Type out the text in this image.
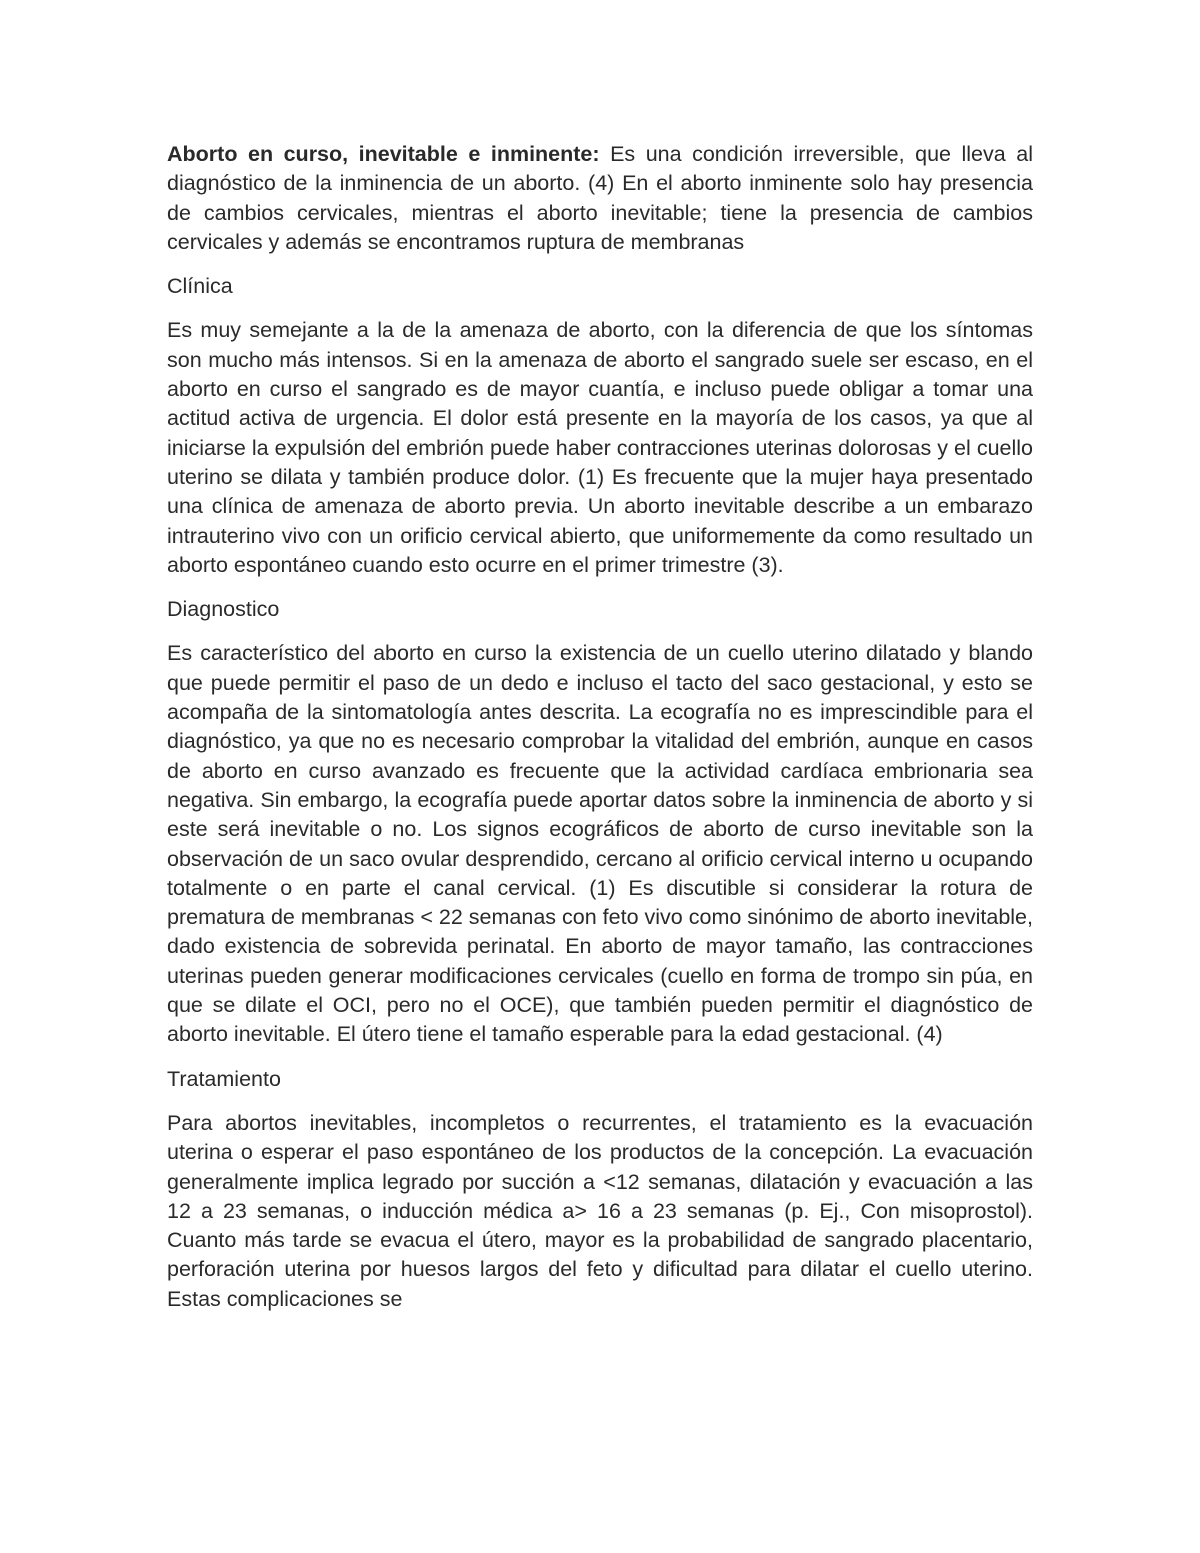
Aborto en curso, inevitable e inminente: Es una condición irreversible, que lleva al diagnóstico de la inminencia de un aborto. (4) En el aborto inminente solo hay presencia de cambios cervicales, mientras el aborto inevitable; tiene la presencia de cambios cervicales y además se encontramos ruptura de membranas

Clínica

Es muy semejante a la de la amenaza de aborto, con la diferencia de que los síntomas son mucho más intensos. Si en la amenaza de aborto el sangrado suele ser escaso, en el aborto en curso el sangrado es de mayor cuantía, e incluso puede obligar a tomar una actitud activa de urgencia. El dolor está presente en la mayoría de los casos, ya que al iniciarse la expulsión del embrión puede haber contracciones uterinas dolorosas y el cuello uterino se dilata y también produce dolor. (1) Es frecuente que la mujer haya presentado una clínica de amenaza de aborto previa. Un aborto inevitable describe a un embarazo intrauterino vivo con un orificio cervical abierto, que uniformemente da como resultado un aborto espontáneo cuando esto ocurre en el primer trimestre (3).

Diagnostico

Es característico del aborto en curso la existencia de un cuello uterino dilatado y blando que puede permitir el paso de un dedo e incluso el tacto del saco gestacional, y esto se acompaña de la sintomatología antes descrita. La ecografía no es imprescindible para el diagnóstico, ya que no es necesario comprobar la vitalidad del embrión, aunque en casos de aborto en curso avanzado es frecuente que la actividad cardíaca embrionaria sea negativa. Sin embargo, la ecografía puede aportar datos sobre la inminencia de aborto y si este será inevitable o no. Los signos ecográficos de aborto de curso inevitable son la observación de un saco ovular desprendido, cercano al orificio cervical interno u ocupando totalmente o en parte el canal cervical. (1) Es discutible si considerar la rotura de prematura de membranas < 22 semanas con feto vivo como sinónimo de aborto inevitable, dado existencia de sobrevida perinatal. En aborto de mayor tamaño, las contracciones uterinas pueden generar modificaciones cervicales (cuello en forma de trompo sin púa, en que se dilate el OCI, pero no el OCE), que también pueden permitir el diagnóstico de aborto inevitable. El útero tiene el tamaño esperable para la edad gestacional. (4)

Tratamiento

Para abortos inevitables, incompletos o recurrentes, el tratamiento es la evacuación uterina o esperar el paso espontáneo de los productos de la concepción. La evacuación generalmente implica legrado por succión a <12 semanas, dilatación y evacuación a las 12 a 23 semanas, o inducción médica a> 16 a 23 semanas (p. Ej., Con misoprostol). Cuanto más tarde se evacua el útero, mayor es la probabilidad de sangrado placentario, perforación uterina por huesos largos del feto y dificultad para dilatar el cuello uterino. Estas complicaciones se
